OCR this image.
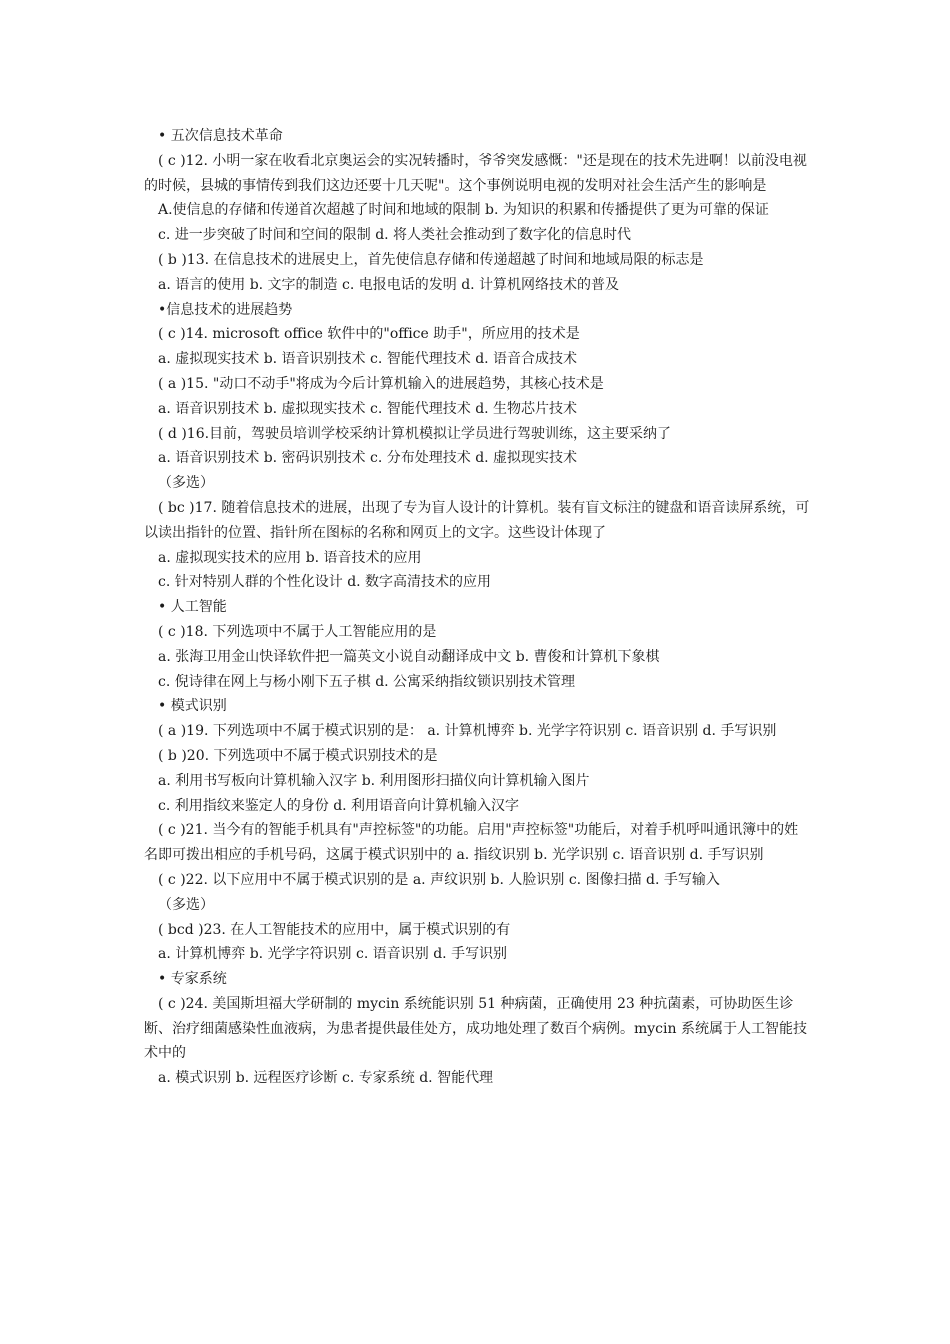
• 五次信息技术革命
( c )12. 小明一家在收看北京奥运会的实况转播时，爷爷突发感慨："还是现在的技术先进啊！以前没电视的时候，县城的事情传到我们这边还要十几天呢"。这个事例说明电视的发明对社会生活产生的影响是
A.使信息的存储和传递首次超越了时间和地域的限制 b. 为知识的积累和传播提供了更为可靠的保证
c. 进一步突破了时间和空间的限制 d. 将人类社会推动到了数字化的信息时代
( b )13. 在信息技术的进展史上，首先使信息存储和传递超越了时间和地域局限的标志是
a. 语言的使用 b. 文字的制造 c. 电报电话的发明 d. 计算机网络技术的普及
•信息技术的进展趋势
( c )14. microsoft office 软件中的"office 助手"，所应用的技术是
a. 虚拟现实技术 b. 语音识别技术 c. 智能代理技术 d. 语音合成技术
( a )15. "动口不动手"将成为今后计算机输入的进展趋势，其核心技术是
a. 语音识别技术 b. 虚拟现实技术 c. 智能代理技术 d. 生物芯片技术
( d )16.目前，驾驶员培训学校采纳计算机模拟让学员进行驾驶训练，这主要采纳了
a. 语音识别技术 b. 密码识别技术 c. 分布处理技术 d. 虚拟现实技术
（多选）
( bc )17. 随着信息技术的进展，出现了专为盲人设计的计算机。装有盲文标注的键盘和语音读屏系统，可以读出指针的位置、指针所在图标的名称和网页上的文字。这些设计体现了
a. 虚拟现实技术的应用 b. 语音技术的应用
c. 针对特别人群的个性化设计 d. 数字高清技术的应用
• 人工智能
( c )18. 下列选项中不属于人工智能应用的是
a. 张海卫用金山快译软件把一篇英文小说自动翻译成中文 b. 曹俊和计算机下象棋
c. 倪诗律在网上与杨小刚下五子棋 d. 公寓采纳指纹锁识别技术管理
• 模式识别
( a )19. 下列选项中不属于模式识别的是： a. 计算机博弈 b. 光学字符识别 c. 语音识别 d. 手写识别
( b )20. 下列选项中不属于模式识别技术的是
a. 利用书写板向计算机输入汉字 b. 利用图形扫描仪向计算机输入图片
c. 利用指纹来鉴定人的身份 d. 利用语音向计算机输入汉字
( c )21. 当今有的智能手机具有"声控标签"的功能。启用"声控标签"功能后，对着手机呼叫通讯簿中的姓名即可拨出相应的手机号码，这属于模式识别中的 a. 指纹识别 b. 光学识别 c. 语音识别 d. 手写识别
( c )22. 以下应用中不属于模式识别的是 a. 声纹识别 b. 人脸识别 c. 图像扫描 d. 手写输入
（多选）
( bcd )23. 在人工智能技术的应用中，属于模式识别的有
a. 计算机博弈 b. 光学字符识别 c. 语音识别 d. 手写识别
• 专家系统
( c )24. 美国斯坦福大学研制的 mycin 系统能识别 51 种病菌，正确使用 23 种抗菌素，可协助医生诊断、治疗细菌感染性血液病，为患者提供最佳处方，成功地处理了数百个病例。mycin 系统属于人工智能技术中的
a. 模式识别 b. 远程医疗诊断 c. 专家系统 d. 智能代理
